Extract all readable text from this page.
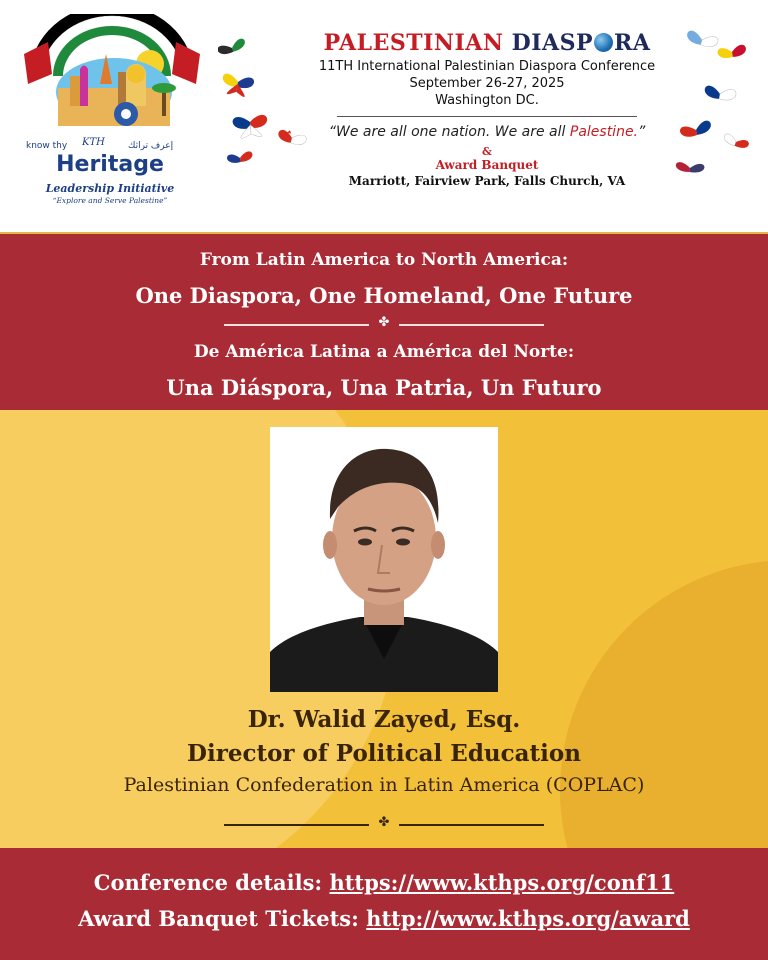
know thy	KTH	إعرف تراثك
Heritage
Leadership Initiative
“Explore and Serve Palestine”
PALESTINIAN DIASP RA
11TH International Palestinian Diaspora Conference
September 26-27, 2025
Washington DC.
“We are all one nation. We are all Palestine.”
&
Award Banquet
Marriott, Fairview Park, Falls Church, VA
From Latin America to North America:
One Diaspora, One Homeland, One Future
✤
De América Latina a América del Norte:
Una Diáspora, Una Patria, Un Futuro
Dr. Walid Zayed, Esq.
Director of Political Education
Palestinian Confederation in Latin America (COPLAC)
✤
Conference details: https://www.kthps.org/conf11
Award Banquet Tickets: http://www.kthps.org/award
